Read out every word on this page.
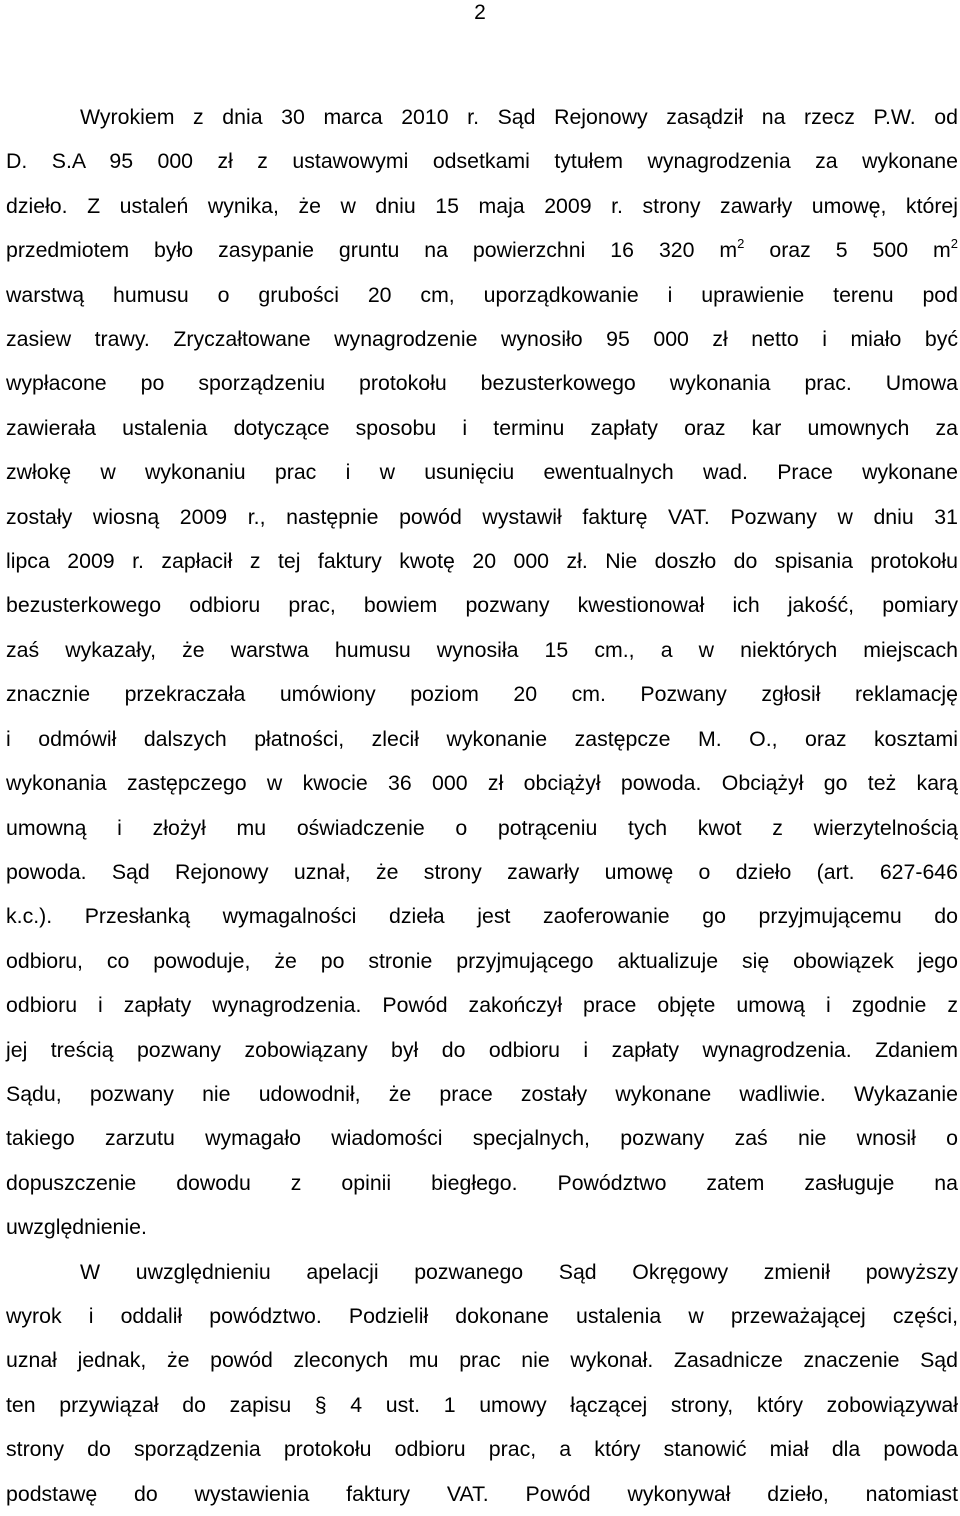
2
Wyrokiem z dnia 30 marca 2010 r. Sąd Rejonowy zasądził na rzecz P.W. od
D. S.A 95 000 zł z ustawowymi odsetkami tytułem wynagrodzenia za wykonane
dzieło. Z ustaleń wynika, że w dniu 15 maja 2009 r. strony zawarły umowę, której
przedmiotem było zasypanie gruntu na powierzchni 16 320 $m^2$ oraz 5 500 $m^2$
warstwą humusu o grubości 20 cm, uporządkowanie i uprawienie terenu pod
zasiew trawy. Zryczałtowane wynagrodzenie wynosiło 95 000 zł netto i miało być
wypłacone po sporządzeniu protokołu bezusterkowego wykonania prac. Umowa
zawierała ustalenia dotyczące sposobu i terminu zapłaty oraz kar umownych za
zwłokę w wykonaniu prac i w usunięciu ewentualnych wad. Prace wykonane
zostały wiosną 2009 r., następnie powód wystawił fakturę VAT. Pozwany w dniu 31
lipca 2009 r. zapłacił z tej faktury kwotę 20 000 zł. Nie doszło do spisania protokołu
bezusterkowego odbioru prac, bowiem pozwany kwestionował ich jakość, pomiary
zaś wykazały, że warstwa humusu wynosiła 15 cm., a w niektórych miejscach
znacznie przekraczała umówiony poziom 20 cm. Pozwany zgłosił reklamację
i odmówił dalszych płatności, zlecił wykonanie zastępcze M. O., oraz kosztami
wykonania zastępczego w kwocie 36 000 zł obciążył powoda. Obciążył go też karą
umowną i złożył mu oświadczenie o potrąceniu tych kwot z wierzytelnością
powoda. Sąd Rejonowy uznał, że strony zawarły umowę o dzieło (art. 627-646
k.c.). Przesłanką wymagalności dzieła jest zaoferowanie go przyjmującemu do
odbioru, co powoduje, że po stronie przyjmującego aktualizuje się obowiązek jego
odbioru i zapłaty wynagrodzenia. Powód zakończył prace objęte umową i zgodnie z
jej treścią pozwany zobowiązany był do odbioru i zapłaty wynagrodzenia. Zdaniem
Sądu, pozwany nie udowodnił, że prace zostały wykonane wadliwie. Wykazanie
takiego zarzutu wymagało wiadomości specjalnych, pozwany zaś nie wnosił o
dopuszczenie dowodu z opinii biegłego. Powództwo zatem zasługuje na
uwzględnienie.
W uwzględnieniu apelacji pozwanego Sąd Okręgowy zmienił powyższy
wyrok i oddalił powództwo. Podzielił dokonane ustalenia w przeważającej części,
uznał jednak, że powód zleconych mu prac nie wykonał. Zasadnicze znaczenie Sąd
ten przywiązał do zapisu § 4 ust. 1 umowy łączącej strony, który zobowiązywał
strony do sporządzenia protokołu odbioru prac, a który stanowić miał dla powoda
podstawę do wystawienia faktury VAT. Powód wykonywał dzieło, natomiast
